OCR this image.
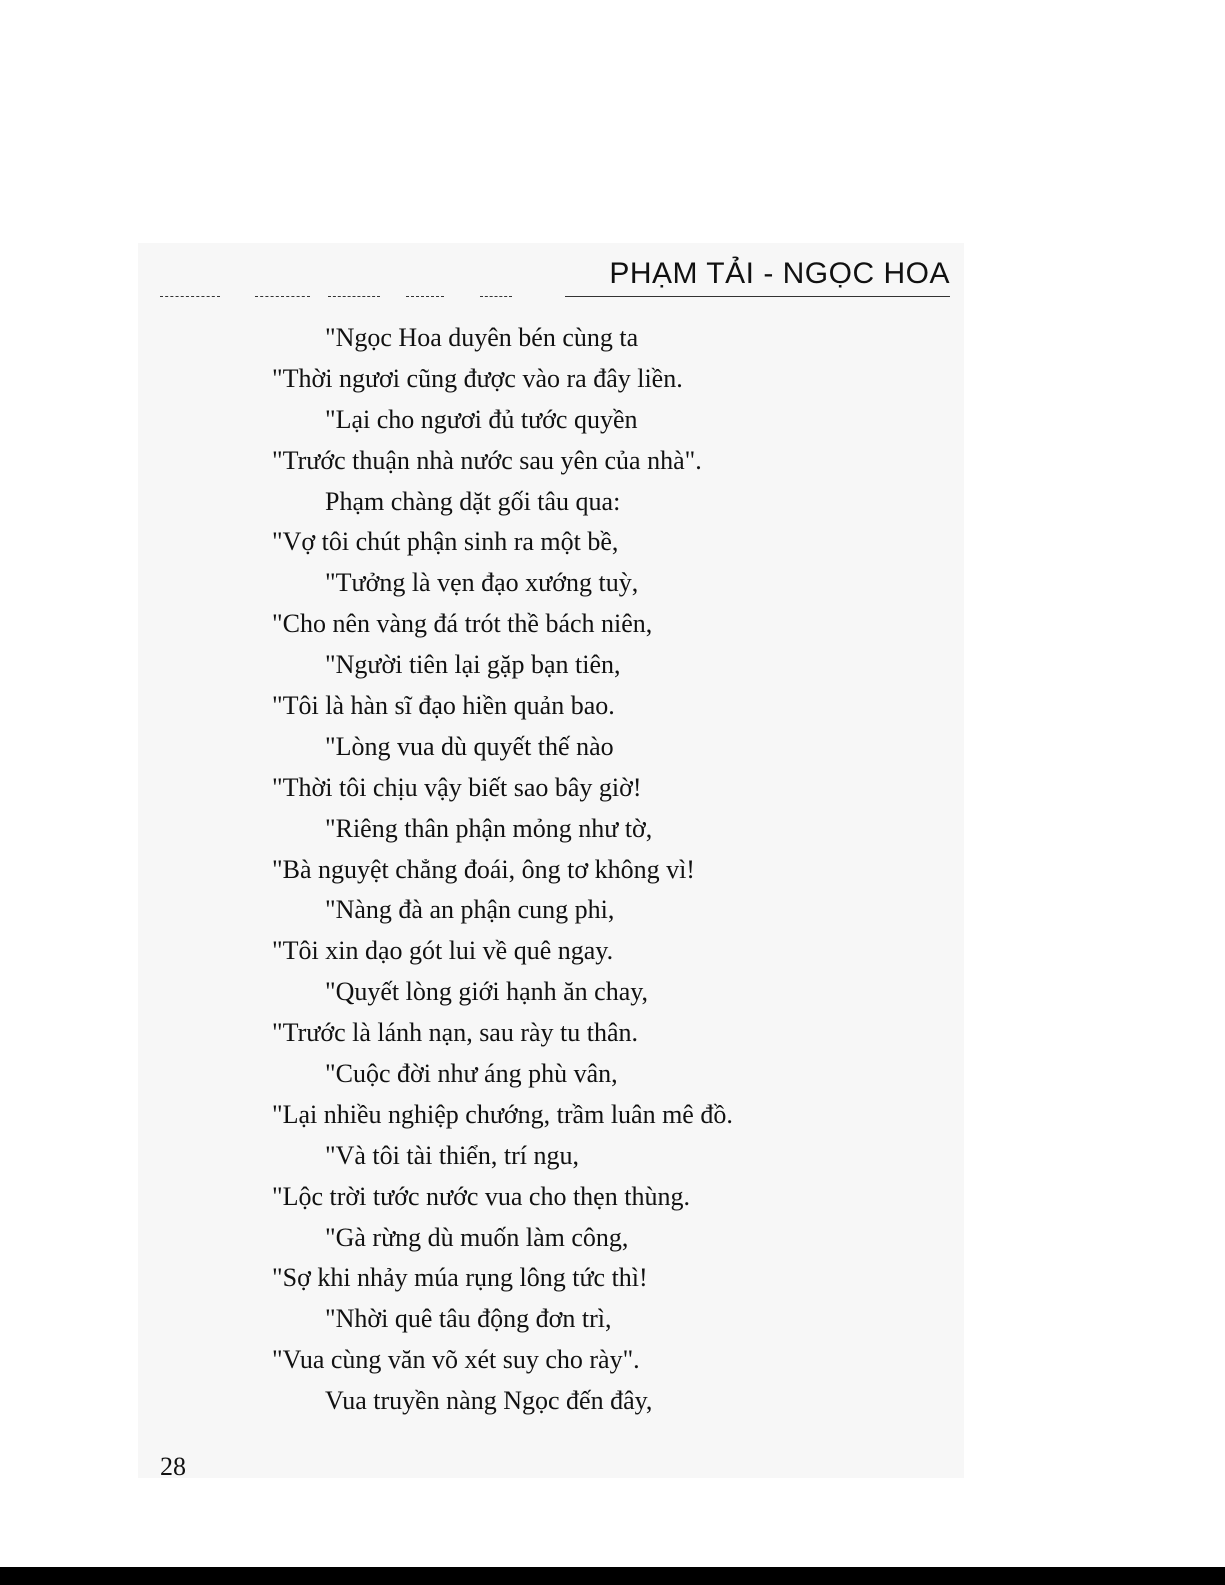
PHẠM TẢI - NGỌC HOA
"Ngọc Hoa duyên bén cùng ta
"Thời ngươi cũng được vào ra đây liền.
"Lại cho ngươi đủ tước quyền
"Trước thuận nhà nước sau yên của nhà".
Phạm chàng dặt gối tâu qua:
"Vợ tôi chút phận sinh ra một bề,
"Tưởng là vẹn đạo xướng tuỳ,
"Cho nên vàng đá trót thề bách niên,
"Người tiên lại gặp bạn tiên,
"Tôi là hàn sĩ đạo hiền quản bao.
"Lòng vua dù quyết thế nào
"Thời tôi chịu vậy biết sao bây giờ!
"Riêng thân phận mỏng như tờ,
"Bà nguyệt chẳng đoái, ông tơ không vì!
"Nàng đà an phận cung phi,
"Tôi xin dạo gót lui về quê ngay.
"Quyết lòng giới hạnh ăn chay,
"Trước là lánh nạn, sau rày tu thân.
"Cuộc đời như áng phù vân,
"Lại nhiều nghiệp chướng, trầm luân mê đồ.
"Và tôi tài thiển, trí ngu,
"Lộc trời tước nước vua cho thẹn thùng.
"Gà rừng dù muốn làm công,
"Sợ khi nhảy múa rụng lông tức thì!
"Nhời quê tâu động đơn trì,
"Vua cùng văn võ xét suy cho rày".
Vua truyền nàng Ngọc đến đây,
28
